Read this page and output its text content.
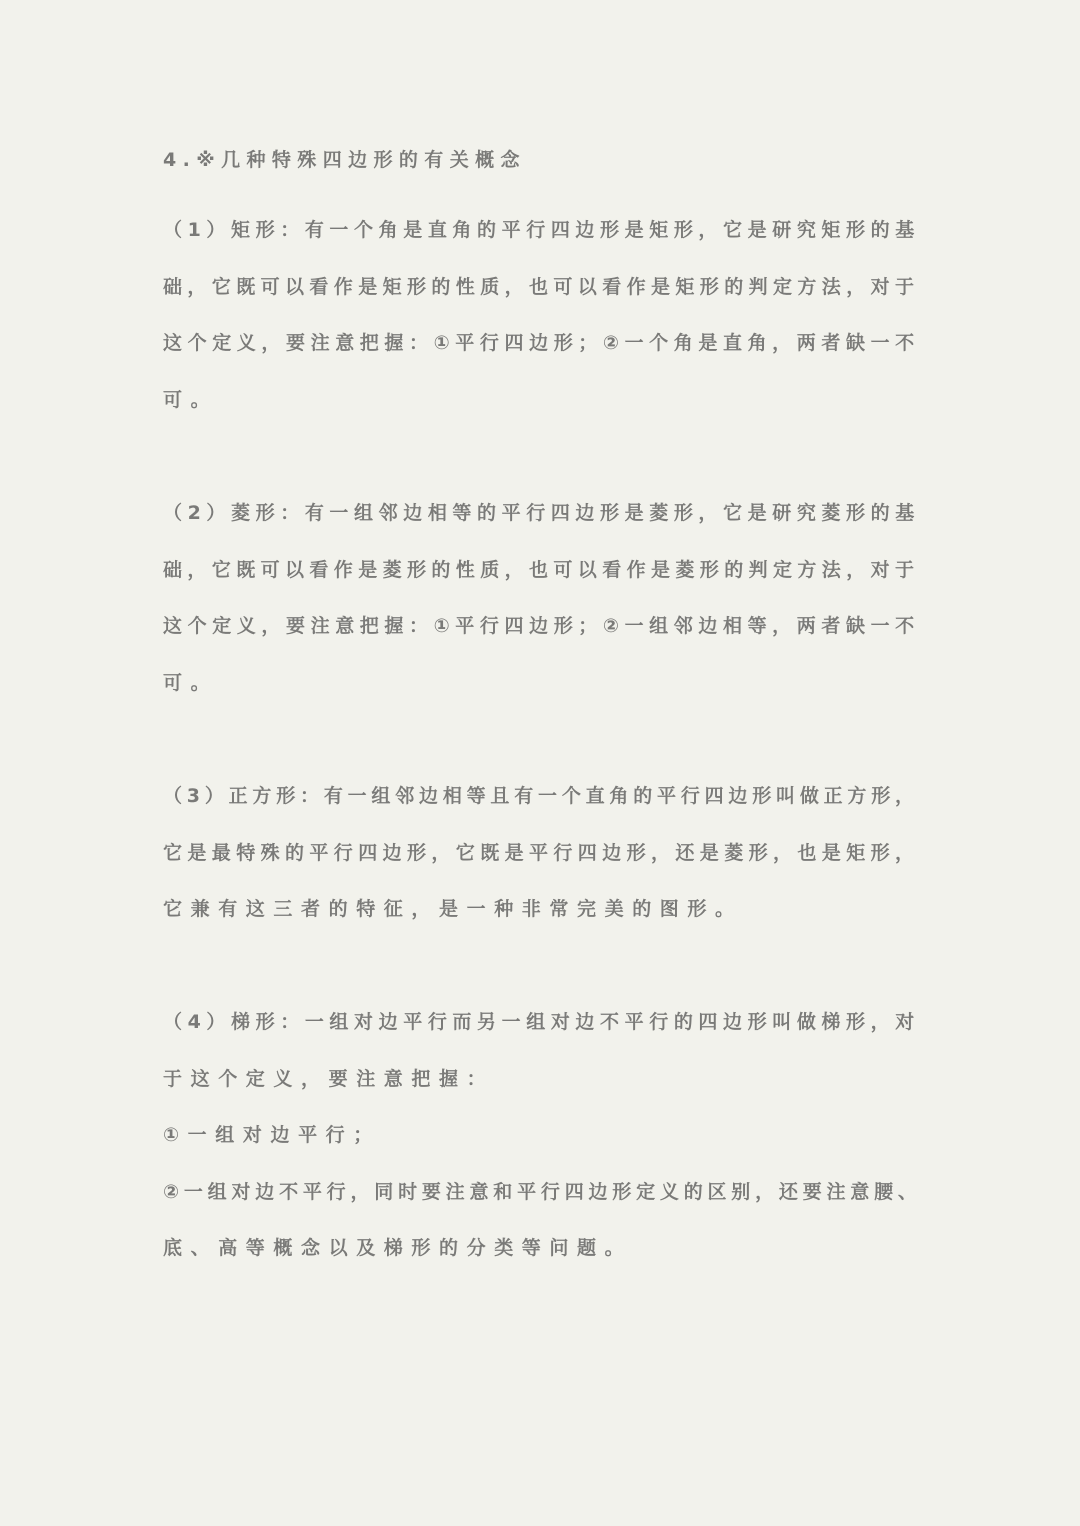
4.※几种特殊四边形的有关概念
（1）矩形：有一个角是直角的平行四边形是矩形，它是研究矩形的基
础，它既可以看作是矩形的性质，也可以看作是矩形的判定方法，对于
这个定义，要注意把握：①平行四边形；②一个角是直角，两者缺一不
可。
（2）菱形：有一组邻边相等的平行四边形是菱形，它是研究菱形的基
础，它既可以看作是菱形的性质，也可以看作是菱形的判定方法，对于
这个定义，要注意把握：①平行四边形；②一组邻边相等，两者缺一不
可。
（3）正方形：有一组邻边相等且有一个直角的平行四边形叫做正方形，
它是最特殊的平行四边形，它既是平行四边形，还是菱形，也是矩形，
它兼有这三者的特征，是一种非常完美的图形。
（4）梯形：一组对边平行而另一组对边不平行的四边形叫做梯形，对
于这个定义，要注意把握：
①一组对边平行；
②一组对边不平行，同时要注意和平行四边形定义的区别，还要注意腰、
底、高等概念以及梯形的分类等问题。
